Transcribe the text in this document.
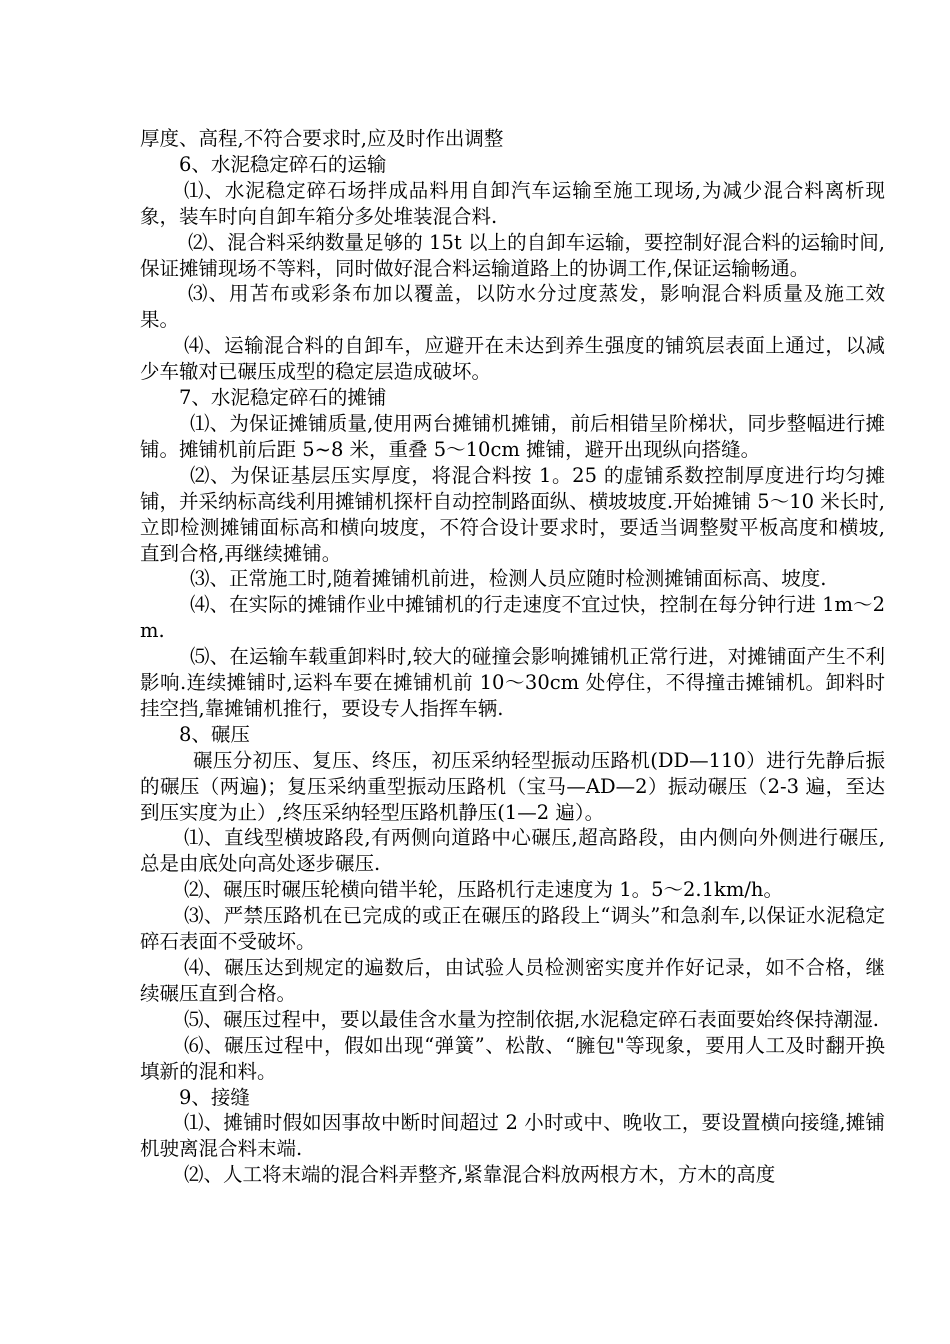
厚度、高程,不符合要求时,应及时作出调整

6、水泥稳定碎石的运输

⑴、水泥稳定碎石场拌成品料用自卸汽车运输至施工现场,为减少混合料离析现象，装车时向自卸车箱分多处堆装混合料.

⑵、混合料采纳数量足够的 15t 以上的自卸车运输，要控制好混合料的运输时间,保证摊铺现场不等料，同时做好混合料运输道路上的协调工作,保证运输畅通。

⑶、用苫布或彩条布加以覆盖，以防水分过度蒸发，影响混合料质量及施工效果。

⑷、运输混合料的自卸车，应避开在未达到养生强度的铺筑层表面上通过，以减少车辙对已碾压成型的稳定层造成破坏。

7、水泥稳定碎石的摊铺

⑴、为保证摊铺质量,使用两台摊铺机摊铺，前后相错呈阶梯状，同步整幅进行摊铺。摊铺机前后距 5~8 米，重叠 5～10cm 摊铺，避开出现纵向搭缝。

⑵、为保证基层压实厚度，将混合料按 1。25 的虚铺系数控制厚度进行均匀摊铺，并采纳标高线利用摊铺机探杆自动控制路面纵、横坡坡度.开始摊铺 5～10 米长时,立即检测摊铺面标高和横向坡度，不符合设计要求时，要适当调整熨平板高度和横坡,直到合格,再继续摊铺。

⑶、正常施工时,随着摊铺机前进，检测人员应随时检测摊铺面标高、坡度.

⑷、在实际的摊铺作业中摊铺机的行走速度不宜过快，控制在每分钟行进 1m～2m.

⑸、在运输车载重卸料时,较大的碰撞会影响摊铺机正常行进，对摊铺面产生不利影响.连续摊铺时,运料车要在摊铺机前 10～30cm 处停住，不得撞击摊铺机。卸料时挂空挡,靠摊铺机推行，要设专人指挥车辆.

8、碾压

碾压分初压、复压、终压，初压采纳轻型振动压路机(DD—110）进行先静后振的碾压（两遍)；复压采纳重型振动压路机（宝马—AD—2）振动碾压（2-3 遍，至达到压实度为止）,终压采纳轻型压路机静压(1—2 遍）。

⑴、直线型横坡路段,有两侧向道路中心碾压,超高路段，由内侧向外侧进行碾压,总是由底处向高处逐步碾压.

⑵、碾压时碾压轮横向错半轮，压路机行走速度为 1。5～2.1km/h。

⑶、严禁压路机在已完成的或正在碾压的路段上“调头”和急刹车,以保证水泥稳定碎石表面不受破坏。

⑷、碾压达到规定的遍数后，由试验人员检测密实度并作好记录，如不合格，继续碾压直到合格。

⑸、碾压过程中，要以最佳含水量为控制依据,水泥稳定碎石表面要始终保持潮湿.

⑹、碾压过程中，假如出现“弹簧”、松散、“臃包"等现象，要用人工及时翻开换填新的混和料。

9、接缝

⑴、摊铺时假如因事故中断时间超过 2 小时或中、晚收工，要设置横向接缝,摊铺机驶离混合料末端.

⑵、人工将末端的混合料弄整齐,紧靠混合料放两根方木，方木的高度
